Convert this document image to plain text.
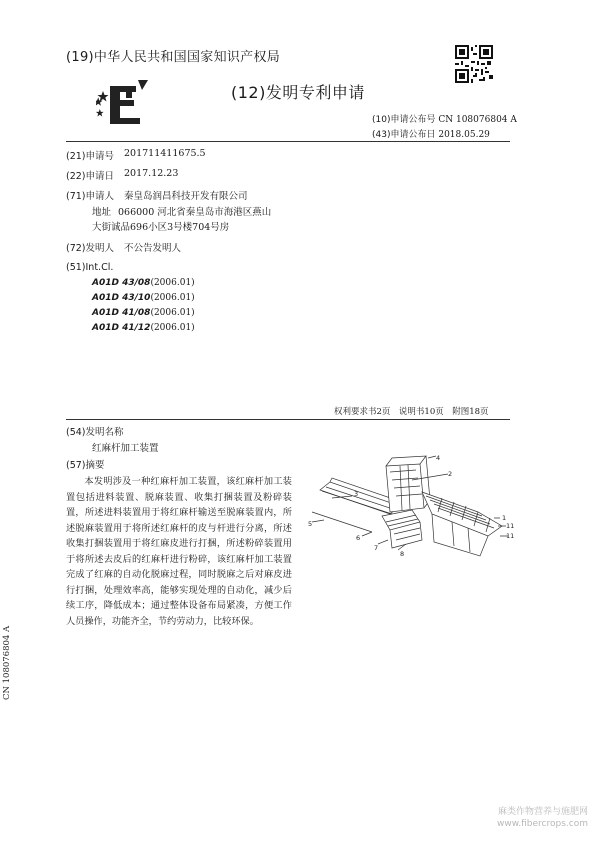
(19)中华人民共和国国家知识产权局
(12)发明专利申请
(10)申请公布号 CN 108076804 A
(43)申请公布日 2018.05.29
(21)申请号 201711411675.5
(22)申请日 2017.12.23
(71)申请人 秦皇岛润昌科技开发有限公司
地址 066000 河北省秦皇岛市海港区燕山
大街诚品696小区3号楼704号房
(72)发明人 不公告发明人
(51)Int.Cl.
A01D 43/08(2006.01)
A01D 43/10(2006.01)
A01D 41/08(2006.01)
A01D 41/12(2006.01)
权利要求书2页　说明书10页　附图18页
(54)发明名称
红麻杆加工装置
(57)摘要

本发明涉及一种红麻杆加工装置，该红麻杆加工装置包括进料装置、脱麻装置、收集打捆装置及粉碎装置，所述进料装置用于将红麻杆输送至脱麻装置内，所述脱麻装置用于将所述红麻杆的皮与杆进行分离，所述收集打捆装置用于将红麻皮进行打捆，所述粉碎装置用于将所述去皮后的红麻杆进行粉碎，该红麻杆加工装置完成了红麻的自动化脱麻过程，同时脱麻之后对麻皮进行打捆，处理效率高，能够实现处理的自动化，减少后续工序，降低成本；通过整体设备布局紧凑，方便工作人员操作，功能齐全，节约劳动力，比较环保。

4
2
3
5
6
7
8
1
11
11
CN 108076804 A
麻类作物营养与施肥网
www.fibercrops.com
